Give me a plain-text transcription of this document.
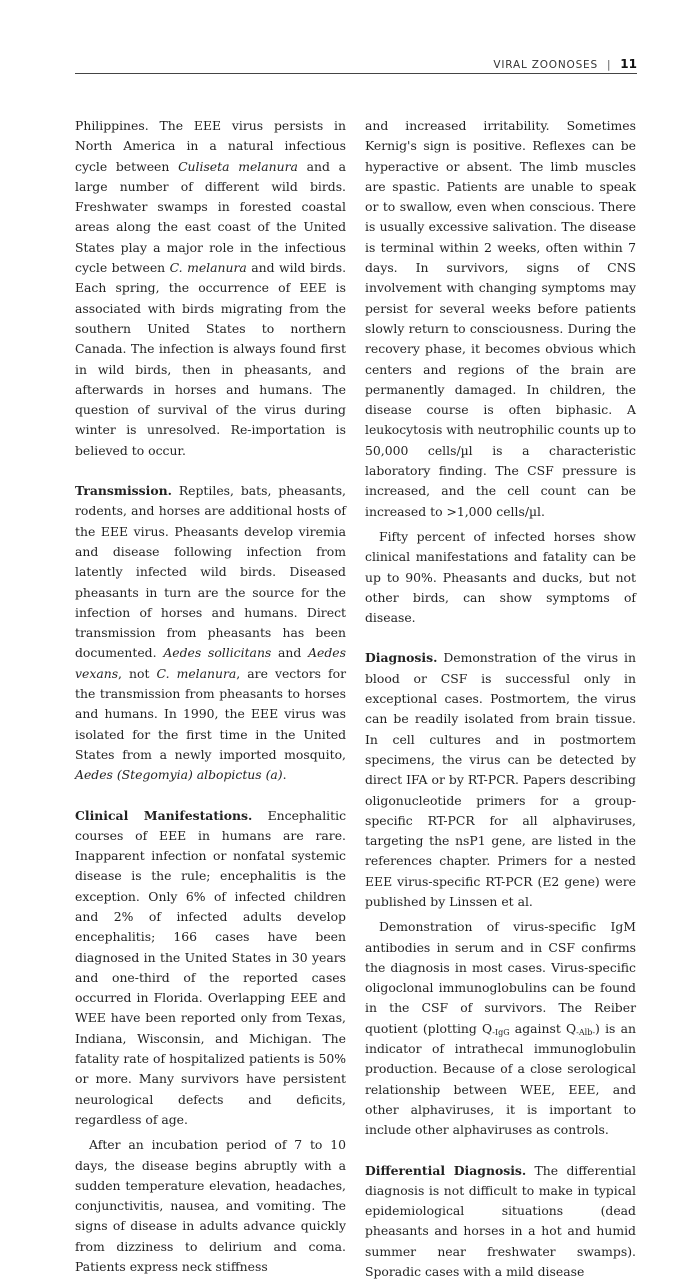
VIRAL ZOONOSES | 11

Philippines. The EEE virus persists in North America in a natural infectious cycle between Culiseta melanura and a large number of different wild birds. Freshwater swamps in forested coastal areas along the east coast of the United States play a major role in the infectious cycle between C. melanura and wild birds. Each spring, the occurrence of EEE is associated with birds migrating from the southern United States to northern Canada. The infection is always found first in wild birds, then in pheasants, and afterwards in horses and humans. The question of survival of the virus during winter is unresolved. Re-importation is believed to occur.

Transmission. Reptiles, bats, pheasants, rodents, and horses are additional hosts of the EEE virus. Pheasants develop viremia and disease following infection from latently infected wild birds. Diseased pheasants in turn are the source for the infection of horses and humans. Direct transmission from pheasants has been documented. Aedes sollicitans and Aedes vexans, not C. melanura, are vectors for the transmission from pheasants to horses and humans. In 1990, the EEE virus was isolated for the first time in the United States from a newly imported mosquito, Aedes (Stegomyia) albopictus (a).

Clinical Manifestations. Encephalitic courses of EEE in humans are rare. Inapparent infection or nonfatal systemic disease is the rule; encephalitis is the exception. Only 6% of infected children and 2% of infected adults develop encephalitis; 166 cases have been diagnosed in the United States in 30 years and one-third of the reported cases occurred in Florida. Overlapping EEE and WEE have been reported only from Texas, Indiana, Wisconsin, and Michigan. The fatality rate of hospitalized patients is 50% or more. Many survivors have persistent neurological defects and deficits, regardless of age.

After an incubation period of 7 to 10 days, the disease begins abruptly with a sudden temperature elevation, headaches, conjunctivitis, nausea, and vomiting. The signs of disease in adults advance quickly from dizziness to delirium and coma. Patients express neck stiffness

and increased irritability. Sometimes Kernig's sign is positive. Reflexes can be hyperactive or absent. The limb muscles are spastic. Patients are unable to speak or to swallow, even when conscious. There is usually excessive salivation. The disease is terminal within 2 weeks, often within 7 days. In survivors, signs of CNS involvement with changing symptoms may persist for several weeks before patients slowly return to consciousness. During the recovery phase, it becomes obvious which centers and regions of the brain are permanently damaged. In children, the disease course is often biphasic. A leukocytosis with neutrophilic counts up to 50,000 cells/µl is a characteristic laboratory finding. The CSF pressure is increased, and the cell count can be increased to >1,000 cells/µl.

Fifty percent of infected horses show clinical manifestations and fatality can be up to 90%. Pheasants and ducks, but not other birds, can show symptoms of disease.

Diagnosis. Demonstration of the virus in blood or CSF is successful only in exceptional cases. Postmortem, the virus can be readily isolated from brain tissue. In cell cultures and in postmortem specimens, the virus can be detected by direct IFA or by RT-PCR. Papers describing oligonucleotide primers for a group-specific RT-PCR for all alphaviruses, targeting the nsP1 gene, are listed in the references chapter. Primers for a nested EEE virus-specific RT-PCR (E2 gene) were published by Linssen et al.

Demonstration of virus-specific IgM antibodies in serum and in CSF confirms the diagnosis in most cases. Virus-specific oligoclonal immunoglobulins can be found in the CSF of survivors. The Reiber quotient (plotting $Q_{-IgG}$ against $Q_{-Alb-}$) is an indicator of intrathecal immunoglobulin production. Because of a close serological relationship between WEE, EEE, and other alphaviruses, it is important to include other alphaviruses as controls.

Differential Diagnosis. The differential diagnosis is not difficult to make in typical epidemiological situations (dead pheasants and horses in a hot and humid summer near freshwater swamps). Sporadic cases with a mild disease
